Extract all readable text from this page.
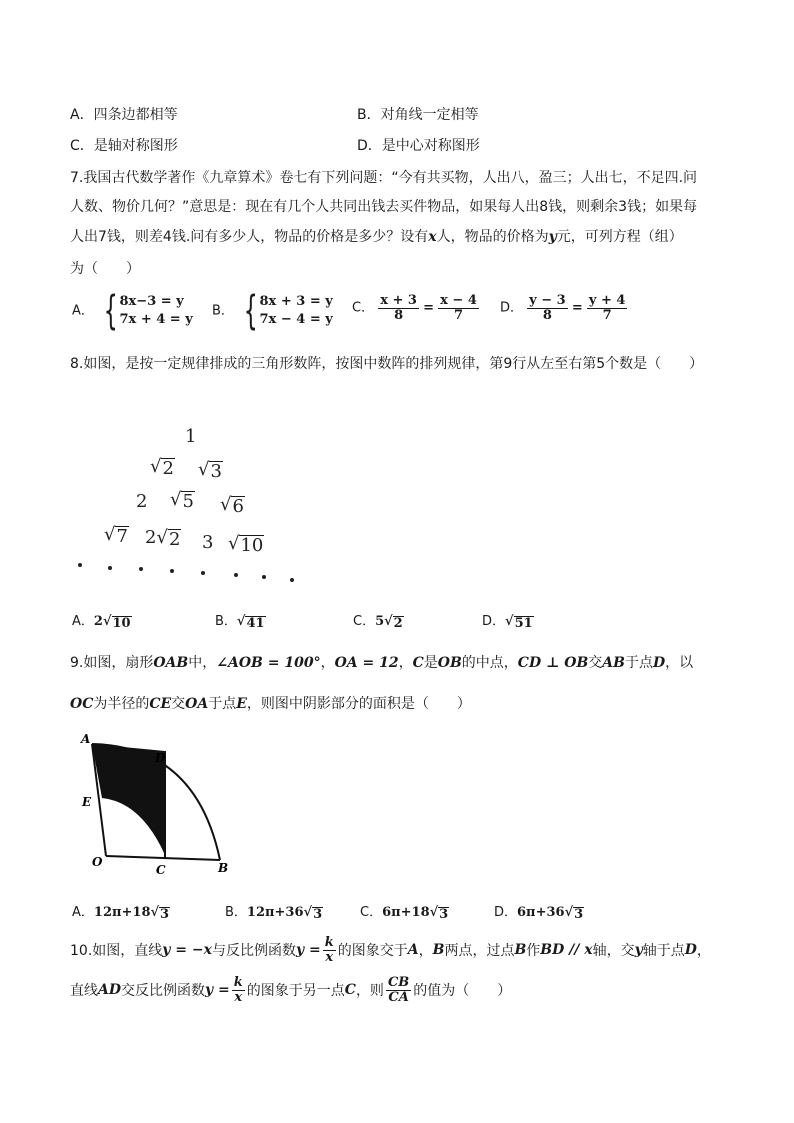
A．四条边都相等	B．对角线一定相等
C．是轴对称图形	D．是中心对称图形
7.我国古代数学著作《九章算术》卷七有下列问题：“今有共买物，人出八，盈三；人出七，不足四.问
人数、物价几何？”意思是：现在有几个人共同出钱去买件物品，如果每人出8钱，则剩余3钱；如果每
人出7钱，则差4钱.问有多少人，物品的价格是多少？设有x人，物品的价格为y元，可列方程（组）
为（　　）
A． { 8x−3 = y
7x + 4 = y
B． { 8x + 3 = y
7x − 4 = y
C． $\frac{x + 3}{8} = \frac{x - 4}{7}$ D． $\frac{y - 3}{8} = \frac{y + 4}{7}$
8.如图，是按一定规律排成的三角形数阵，按图中数阵的排列规律，第9行从左至右第5个数是（　　）
1
√ 2 √ 3
2 √ 5 √ 6
√ 7 2 √ 2 3 √ 10
A．2 √ 10	B． √ 41	C．5 √ 2	D． √ 51
9.如图，扇形OAB中，∠AOB = 100°，OA = 12，C是OB的中点，CD ⊥ OB交AB于点D，以
OC为半径的CE交OA于点E，则图中阴影部分的面积是（　　）
A
D
E
O
C	B
A．12π+18 √ 3	B．12π+36 √ 3	C．6π+18 √ 3	D．6π+36 √ 3
10.如图，直线 y = −x 与反比例函数 $y = \frac{k}{x}$ 的图象交于 A ， B 两点，过点 B 作 BD // x 轴，交 y 轴于点 D ，
直线 AD 交反比例函数 $y = \frac{k}{x}$ 的图象于另一点 C ，则 $\frac{CB}{CA}$ 的值为（　　）
